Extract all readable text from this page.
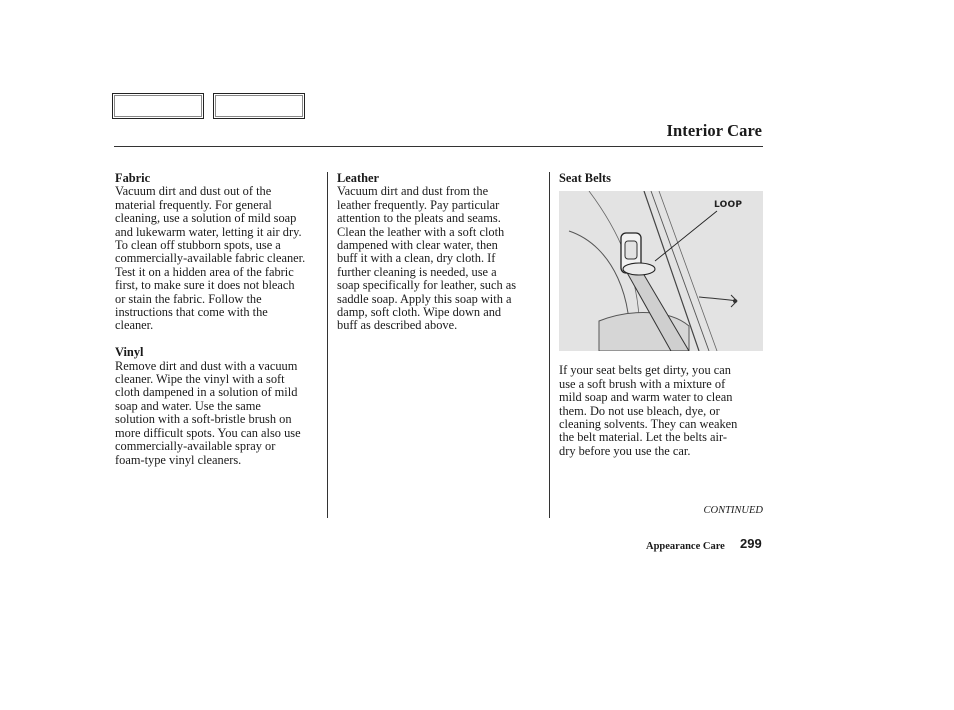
Interior Care
Fabric
Vacuum dirt and dust out of the
material frequently. For general
cleaning, use a solution of mild soap
and lukewarm water, letting it air dry.
To clean off stubborn spots, use a
commercially-available fabric cleaner.
Test it on a hidden area of the fabric
first, to make sure it does not bleach
or stain the fabric. Follow the
instructions that come with the
cleaner.
Vinyl
Remove dirt and dust with a vacuum
cleaner. Wipe the vinyl with a soft
cloth dampened in a solution of mild
soap and water. Use the same
solution with a soft-bristle brush on
more difficult spots. You can also use
commercially-available spray or
foam-type vinyl cleaners.
Leather
Vacuum dirt and dust from the
leather frequently. Pay particular
attention to the pleats and seams.
Clean the leather with a soft cloth
dampened with clear water, then
buff it with a clean, dry cloth. If
further cleaning is needed, use a
soap specifically for leather, such as
saddle soap. Apply this soap with a
damp, soft cloth. Wipe down and
buff as described above.
Seat Belts
LOOP
If your seat belts get dirty, you can
use a soft brush with a mixture of
mild soap and warm water to clean
them. Do not use bleach, dye, or
cleaning solvents. They can weaken
the belt material. Let the belts air-
dry before you use the car.
CONTINUED
Appearance Care 299
